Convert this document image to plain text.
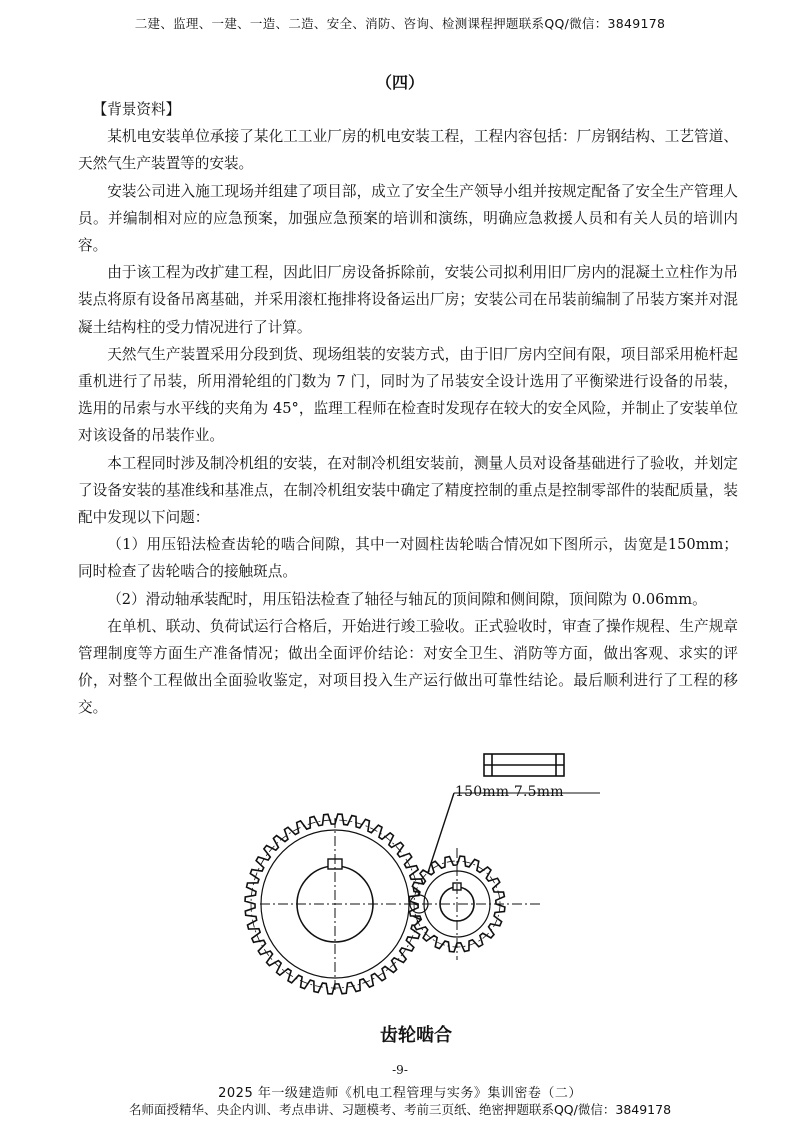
二建、监理、一建、一造、二造、安全、消防、咨询、检测课程押题联系QQ/微信：3849178
（四）

【背景资料】

某机电安装单位承接了某化工工业厂房的机电安装工程，工程内容包括：厂房钢结构、工艺管道、天然气生产装置等的安装。

安装公司进入施工现场并组建了项目部，成立了安全生产领导小组并按规定配备了安全生产管理人员。并编制相对应的应急预案，加强应急预案的培训和演练，明确应急救援人员和有关人员的培训内容。

由于该工程为改扩建工程，因此旧厂房设备拆除前，安装公司拟利用旧厂房内的混凝土立柱作为吊装点将原有设备吊离基础，并采用滚杠拖排将设备运出厂房；安装公司在吊装前编制了吊装方案并对混凝土结构柱的受力情况进行了计算。

天然气生产装置采用分段到货、现场组装的安装方式，由于旧厂房内空间有限，项目部采用桅杆起重机进行了吊装，所用滑轮组的门数为 7 门，同时为了吊装安全设计选用了平衡梁进行设备的吊装，选用的吊索与水平线的夹角为 45°，监理工程师在检查时发现存在较大的安全风险，并制止了安装单位对该设备的吊装作业。

本工程同时涉及制冷机组的安装，在对制冷机组安装前，测量人员对设备基础进行了验收，并划定了设备安装的基准线和基准点，在制冷机组安装中确定了精度控制的重点是控制零部件的装配质量，装配中发现以下问题：

（1）用压铅法检查齿轮的啮合间隙，其中一对圆柱齿轮啮合情况如下图所示，齿宽是150mm；同时检查了齿轮啮合的接触斑点。

（2）滑动轴承装配时，用压铅法检查了轴径与轴瓦的顶间隙和侧间隙，顶间隙为 0.06mm。

在单机、联动、负荷试运行合格后，开始进行竣工验收。正式验收时，审查了操作规程、生产规章管理制度等方面生产准备情况；做出全面评价结论：对安全卫生、消防等方面，做出客观、求实的评价，对整个工程做出全面验收鉴定，对项目投入生产运行做出可靠性结论。最后顺利进行了工程的移交。

150mm 7.5mm
齿轮啮合
-9-
2025 年一级建造师《机电工程管理与实务》集训密卷（二）
名师面授精华、央企内训、考点串讲、习题模考、考前三页纸、绝密押题联系QQ/微信：3849178
